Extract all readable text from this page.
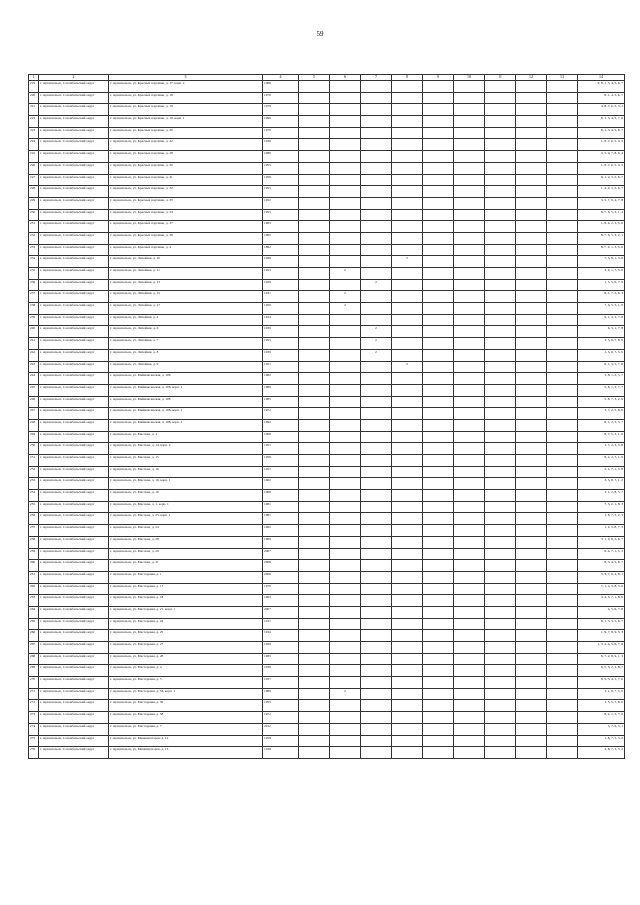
59
1	2	3	4	5	6	7	8	9	10	11	12	13	14
219	г. Архангельск, Соломбальский округ	г. Архангельск, ул. Красных партизан, д. 17, корп. 2	1966										9, 8, 1, 3, 4, 5, 6, 7
220	г. Архангельск, Соломбальский округ	г. Архангельск, ул. Красных партизан, д. 18	1970										8, 1, 4, 5, 6, 7
221	г. Архангельск, Соломбальский округ	г. Архангельск, ул. Красных партизан, д. 19	1979										4, 8, 7, 6, 5, 3, 1
222	г. Архангельск, Соломбальский округ	г. Архангельск, ул. Красных партизан, д. 19, корп. 1	1996										8, 1, 3, 4, 5, 7, 6
223	г. Архангельск, Соломбальский округ	г. Архангельск, ул. Красных партизан, д. 20	1970										8, 1, 3, 4, 5, 6, 7
224	г. Архангельск, Соломбальский округ	г. Архангельск, ул. Красных партизан, д. 22	1930										1, 8, 7, 6, 5, 4, 3
225	г. Архангельск, Соломбальский округ	г. Архангельск, ул. Красных партизан, д. 28	1980										3, 5, 9, 7, 8, 6, 4
226	г. Архангельск, Соломбальский округ	г. Архангельск, ул. Красных партизан, д. 30	1955										1, 8, 7, 6, 5, 4, 3
227	г. Архангельск, Соломбальский округ	г. Архангельск, ул. Красных партизан, д. 31	1956										8, 1, 2, 3, 5, 6, 7
228	г. Архангельск, Соломбальский округ	г. Архангельск, ул. Красных партизан, д. 32	1953										1, 4, 2, 3, 5, 6, 7
229	г. Архангельск, Соломбальский округ	г. Архангельск, ул. Красных партизан, д. 33	1952										3, 5, 7, 9, 4, 7, 8
230	г. Архангельск, Соломбальский округ	г. Архангельск, ул. Красных партизан, д. 34	1953										8, 7, 6, 5, 3, 1, 4
231	г. Архангельск, Соломбальский округ	г. Архангельск, ул. Красных партизан, д. 37	1963										1, 8, 4, 2, 3, 5, 6
232	г. Архангельск, Соломбальский округ	г. Архангельск, ул. Красных партизан, д. 39	1962										8, 7, 6, 5, 3, 2, 1
233	г. Архангельск, Соломбальский округ	г. Архангельск, ул. Красных партизан, д. 4	1892										8, 7, 2, 1, 3, 5, 6
234	г. Архангельск, Соломбальский округ	г. Архангельск, ул. Литейная, д. 10	1948				2						7, 5, 8, 1, 3, 6
235	г. Архангельск, Соломбальский округ	г. Архангельск, ул. Литейная, д. 11	1953		2								3, 9, 1, 7, 5, 6
236	г. Архангельск, Соломбальский округ	г. Архангельск, ул. Литейная, д. 13	1939			2							1, 3, 5, 6, 7, 9
237	г. Архангельск, Соломбальский округ	г. Архангельск, ул. Литейная, д. 15	1931		2								8, 1, 7, 5, 6, 3
238	г. Архангельск, Соломбальский округ	г. Архангельск, ул. Литейная, д. 17	1950		2								7, 6, 5, 3, 1, 8
239	г. Архангельск, Соломбальский округ	г. Архангельск, ул. Литейная, д. 4	1934										9, 1, 3, 5, 7, 8
240	г. Архангельск, Соломбальский округ	г. Архангельск, ул. Литейная, д. 6	1939			2							6, 3, 1, 7, 8
241	г. Архангельск, Соломбальский округ	г. Архангельск, ул. Литейная, д. 7	1953			2							3, 5, 6, 7, 8, 9
242	г. Архангельск, Соломбальский округ	г. Архангельск, ул. Литейная, д. 8	1939			2							1, 3, 6, 7, 5, 9
243	г. Архангельск, Соломбальский округ	г. Архангельск, ул. Литейная, д. 9	1951				2						6, 1, 3, 5, 7, 8
244	г. Архангельск, Соломбальский округ	г. Архангельск, ул. Маймаксанская, д. 106	1982										3, 8, 1, 2, 5, 7
245	г. Архангельск, Соломбальский округ	г. Архангельск, ул. Маймаксанская, д. 106, корп. 1	1989										5, 8, 1, 2, 7, 7
246	г. Архангельск, Соломбальский округ	г. Архангельск, ул. Маймаксанская, д. 108	1985										5, 8, 7, 3, 2, 9
247	г. Архангельск, Соломбальский округ	г. Архангельск, ул. Маймаксанская, д. 108, корп. 1	1972										3, 7, 2, 5, 8, 9
248	г. Архангельск, Соломбальский округ	г. Архангельск, ул. Маймаксанская, д. 108, корп. 2	1992										8, 1, 2, 3, 5, 7
249	г. Архангельск, Соломбальский округ	г. Архангельск, ул. Маслова, д. 1	1908										8, 7, 5, 3, 1, 6
250	г. Архангельск, Соломбальский округ	г. Архангельск, ул. Маслова, д. 14, корп. 2	1951										1, 7, 2, 3, 5, 8
251	г. Архангельск, Соломбальский округ	г. Архангельск, ул. Маслова, д. 15	1956										8, 2, 2, 7, 1, 9
252	г. Архангельск, Соломбальский округ	г. Архангельск, ул. Маслова, д. 16	1957										2, 1, 7, 1, 5, 8
253	г. Архангельск, Соломбальский округ	г. Архангельск, ул. Маслова, д. 16, корп. 1	1962										3, 5, 8, 7, 1, 2
254	г. Архангельск, Соломбальский округ	г. Архангельск, ул. Маслова, д. 19	1968										3, 1, 2, 8, 5, 7
255	г. Архангельск, Соломбальский округ	г. Архангельск, ул. Маслова, д. 1, корп. 1	1981										7, 5, 2, 1, 8, 3
256	г. Архангельск, Соломбальский округ	г. Архангельск, ул. Маслова, д. 25, корп. 1	1981										1, 8, 7, 5, 2, 3
257	г. Архангельск, Соломбальский округ	г. Архангельск, ул. Маслова, д. 24	1962										1, 2, 5, 8, 7, 3
258	г. Архангельск, Соломбальский округ	г. Архангельск, ул. Маслова, д. 28	1969										3, 1, 2, 8, 5, 6, 7
259	г. Архангельск, Соломбальский округ	г. Архангельск, ул. Маслова, д. 29	2007										6, 4, 7, 1, 5, 3
260	г. Архангельск, Соломбальский округ	г. Архангельск, ул. Маслова, д. 31	2006										8, 3, 4, 5, 6, 7
261	г. Архангельск, Соломбальский округ	г. Архангельск, ул. Мастеровая, д. 1	2006										5, 3, 7, 6, 4, 8, 1
262	г. Архангельск, Соломбальский округ	г. Архангельск, ул. Мастеровая, д. 17	1970										7, 1, 4, 3, 8, 5, 6
263	г. Архангельск, Соломбальский округ	г. Архангельск, ул. Мастеровая, д. 18	1963										3, 4, 5, 7, 1, 8, 9
264	г. Архангельск, Соломбальский округ	г. Архангельск, ул. Мастеровая, д. 21, корп. 1	2007										4, 5, 6, 7, 8
265	г. Архангельск, Соломбальский округ	г. Архангельск, ул. Мастеровая, д. 22	1917										8, 1, 3, 3, 5, 6, 7
266	г. Архангельск, Соломбальский округ	г. Архангельск, ул. Мастеровая, д. 25	1934										1, 9, 7, 8, 9, 5, 3
267	г. Архангельск, Соломбальский округ	г. Архангельск, ул. Мастеровая, д. 27	1949										1, 3, 4, 4, 5, 6, 7, 8
268	г. Архангельск, Соломбальский округ	г. Архангельск, ул. Мастеровая, д. 28	1983										6, 7, 2, 8, 9, 1, 3
269	г. Архангельск, Соломбальский округ	г. Архангельск, ул. Мастеровая, д. 4	1936										6, 5, 3, 2, 1, 8, 7
270	г. Архангельск, Соломбальский округ	г. Архангельск, ул. Мастеровая, д. 5	1937										8, 5, 3, 4, 1, 7, 6
271	г. Архангельск, Соломбальский округ	г. Архангельск, ул. Мастеровая, д. 54, корп. 1	1989		2								3, 1, 8, 7, 5, 6
272	г. Архангельск, Соломбальский округ	г. Архангельск, ул. Мастеровая, д. 56	1955										1, 3, 5, 7, 8, 6
273	г. Архангельск, Соломбальский округ	г. Архангельск, ул. Мастеровая, д. 58	1972										8, 2, 1, 5, 7, 6
274	г. Архангельск, Соломбальский округ	г. Архангельск, ул. Мастеровая, д. 7	2012										5, 7, 6, 3, 1
275	г. Архангельск, Соломбальский округ	г. Архангельск, ул. Механизаторов, д. 12	1958										1, 8, 7, 5, 3, 2
276	г. Архангельск, Соломбальский округ	г. Архангельск, ул. Механизаторов, д. 13	1938										4, 8, 7, 5, 3, 2
